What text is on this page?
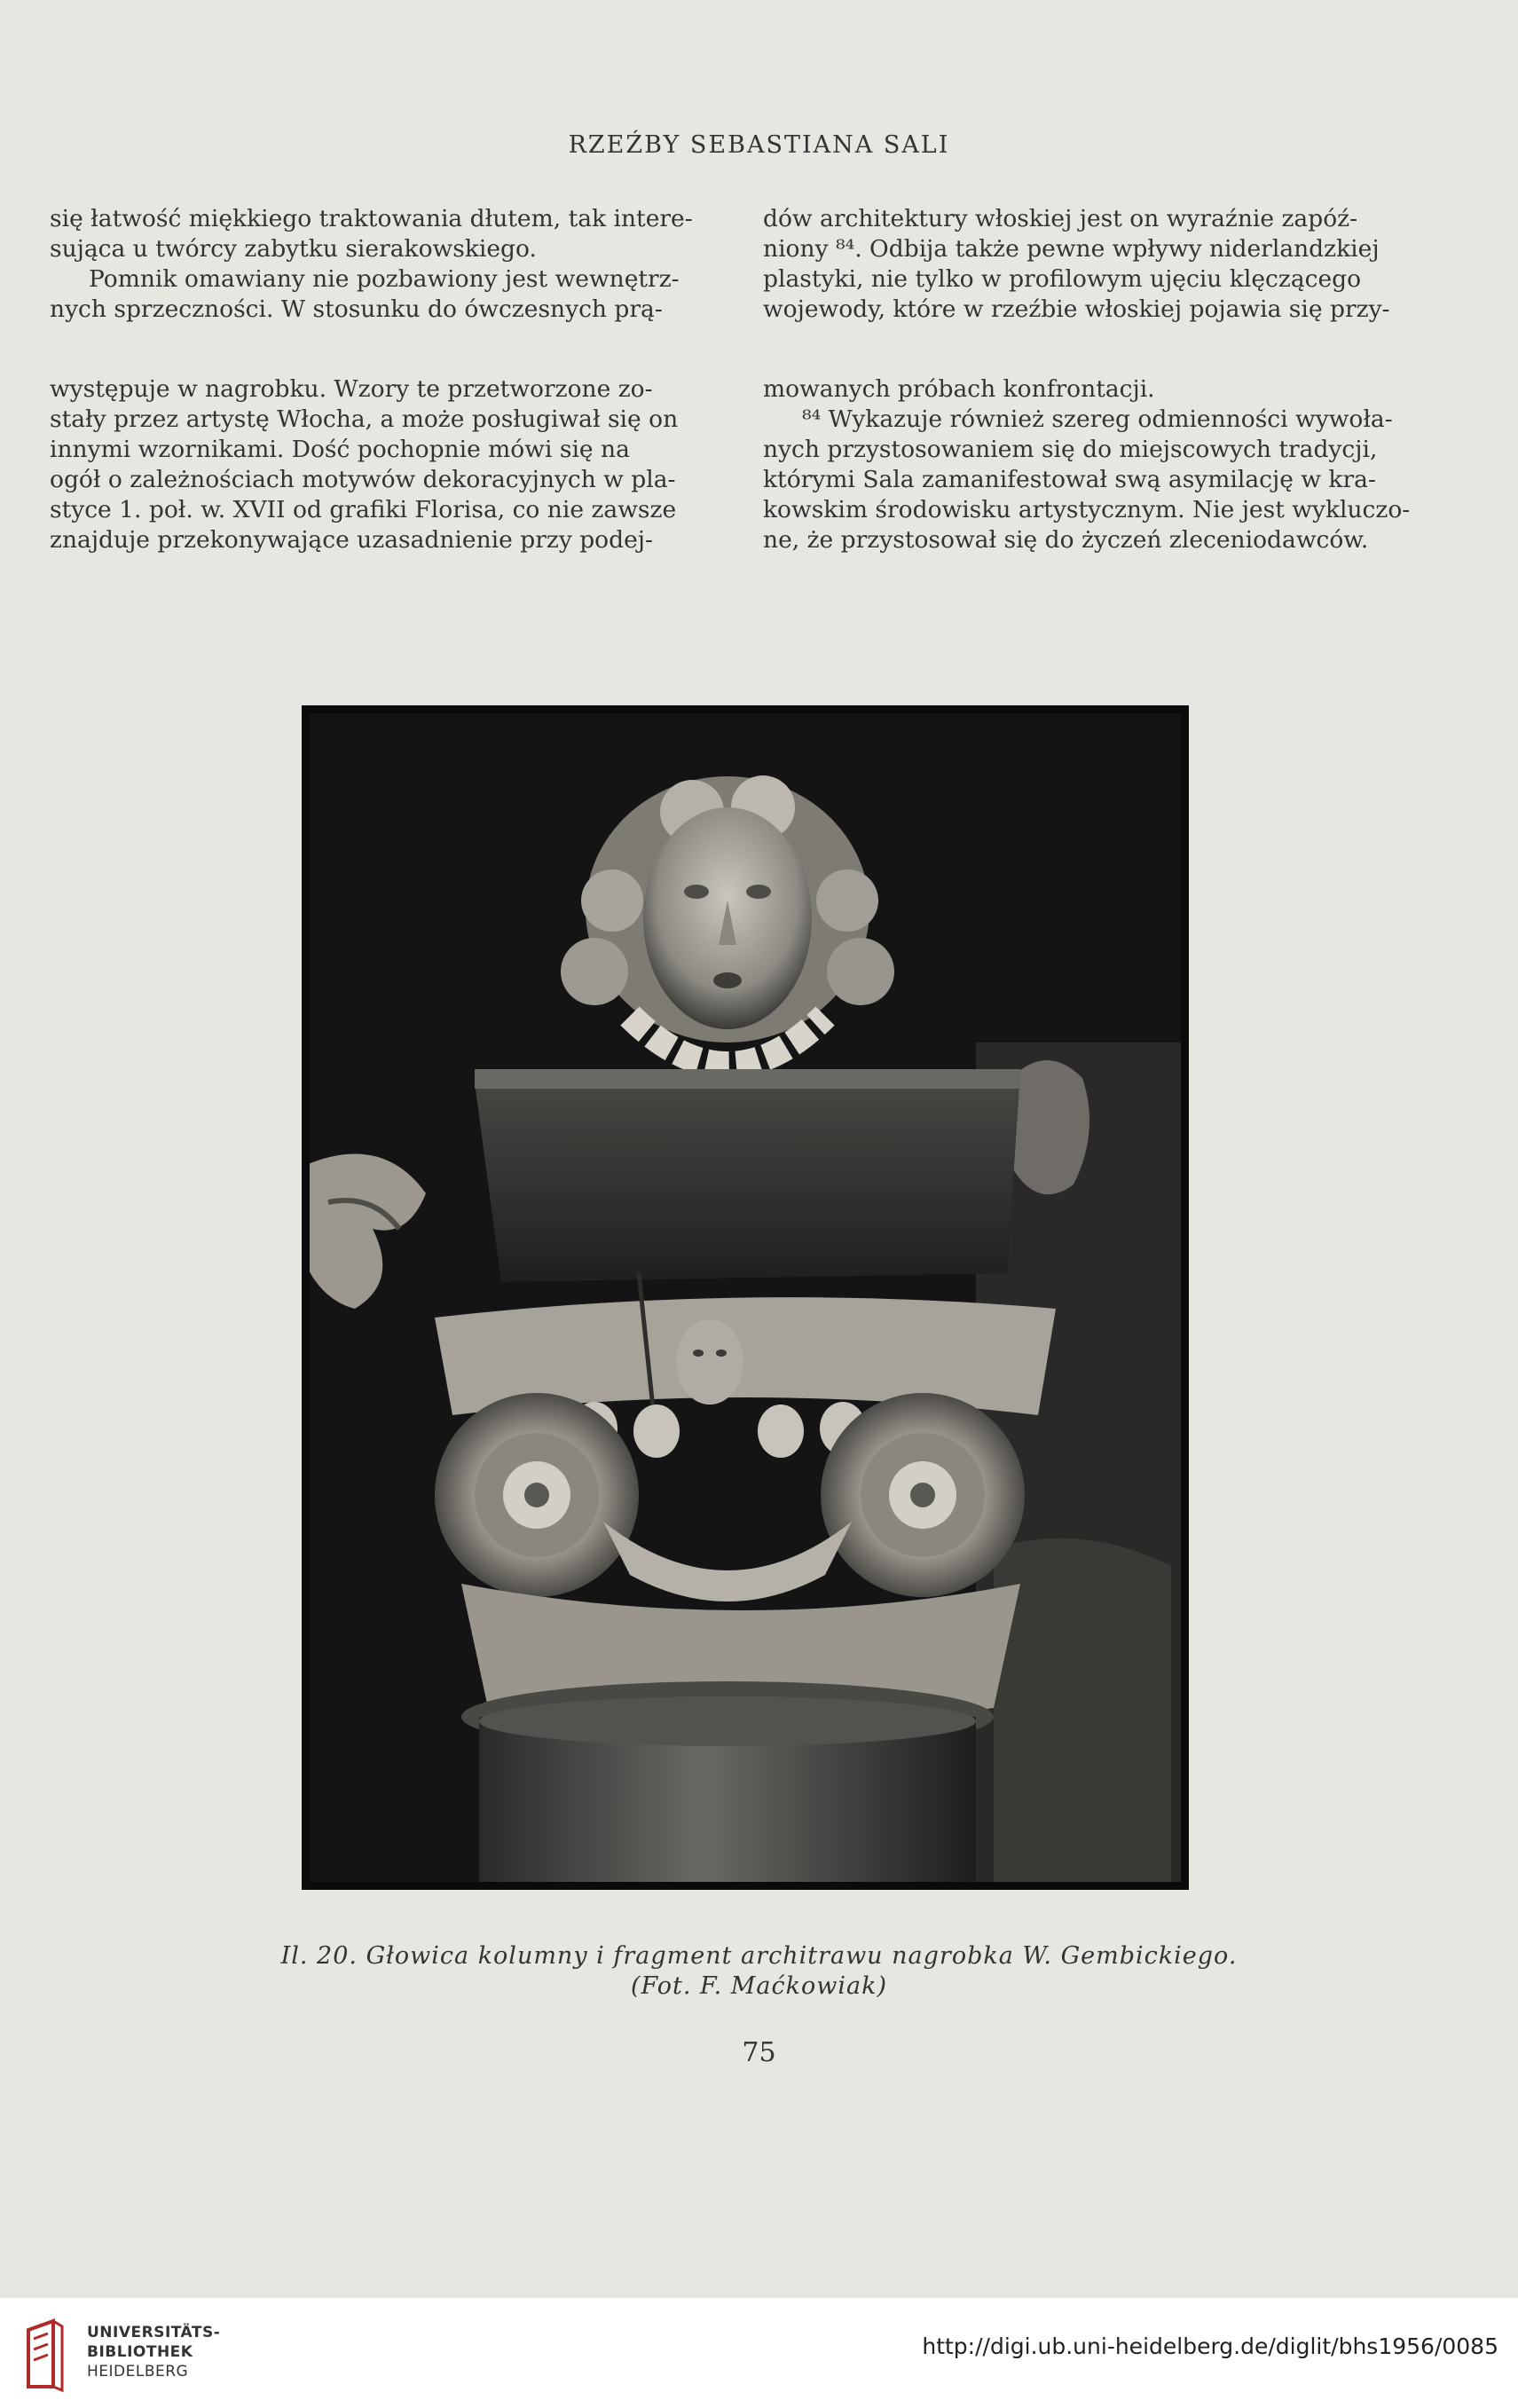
RZEŹBY SEBASTIANA SALI

się łatwość miękkiego traktowania dłutem, tak intere-

sująca u twórcy zabytku sierakowskiego.

Pomnik omawiany nie pozbawiony jest wewnętrz-

nych sprzeczności. W stosunku do ówczesnych prą-

dów architektury włoskiej jest on wyraźnie zapóź-

niony ⁸⁴. Odbija także pewne wpływy niderlandzkiej

plastyki, nie tylko w profilowym ujęciu klęczącego

wojewody, które w rzeźbie włoskiej pojawia się przy-

występuje w nagrobku. Wzory te przetworzone zo-

stały przez artystę Włocha, a może posługiwał się on

innymi wzornikami. Dość pochopnie mówi się na

ogół o zależnościach motywów dekoracyjnych w pla-

styce 1. poł. w. XVII od grafiki Florisa, co nie zawsze

znajduje przekonywające uzasadnienie przy podej-

mowanych próbach konfrontacji.

⁸⁴ Wykazuje również szereg odmienności wywoła-

nych przystosowaniem się do miejscowych tradycji,

którymi Sala zamanifestował swą asymilację w kra-

kowskim środowisku artystycznym. Nie jest wykluczo-

ne, że przystosował się do życzeń zleceniodawców.

Il. 20. Głowica kolumny i fragment architrawu nagrobka W. Gembickiego.
(Fot. F. Maćkowiak)
75
UNIVERSITÄTS-
BIBLIOTHEK
HEIDELBERG
http://digi.ub.uni-heidelberg.de/diglit/bhs1956/0085
